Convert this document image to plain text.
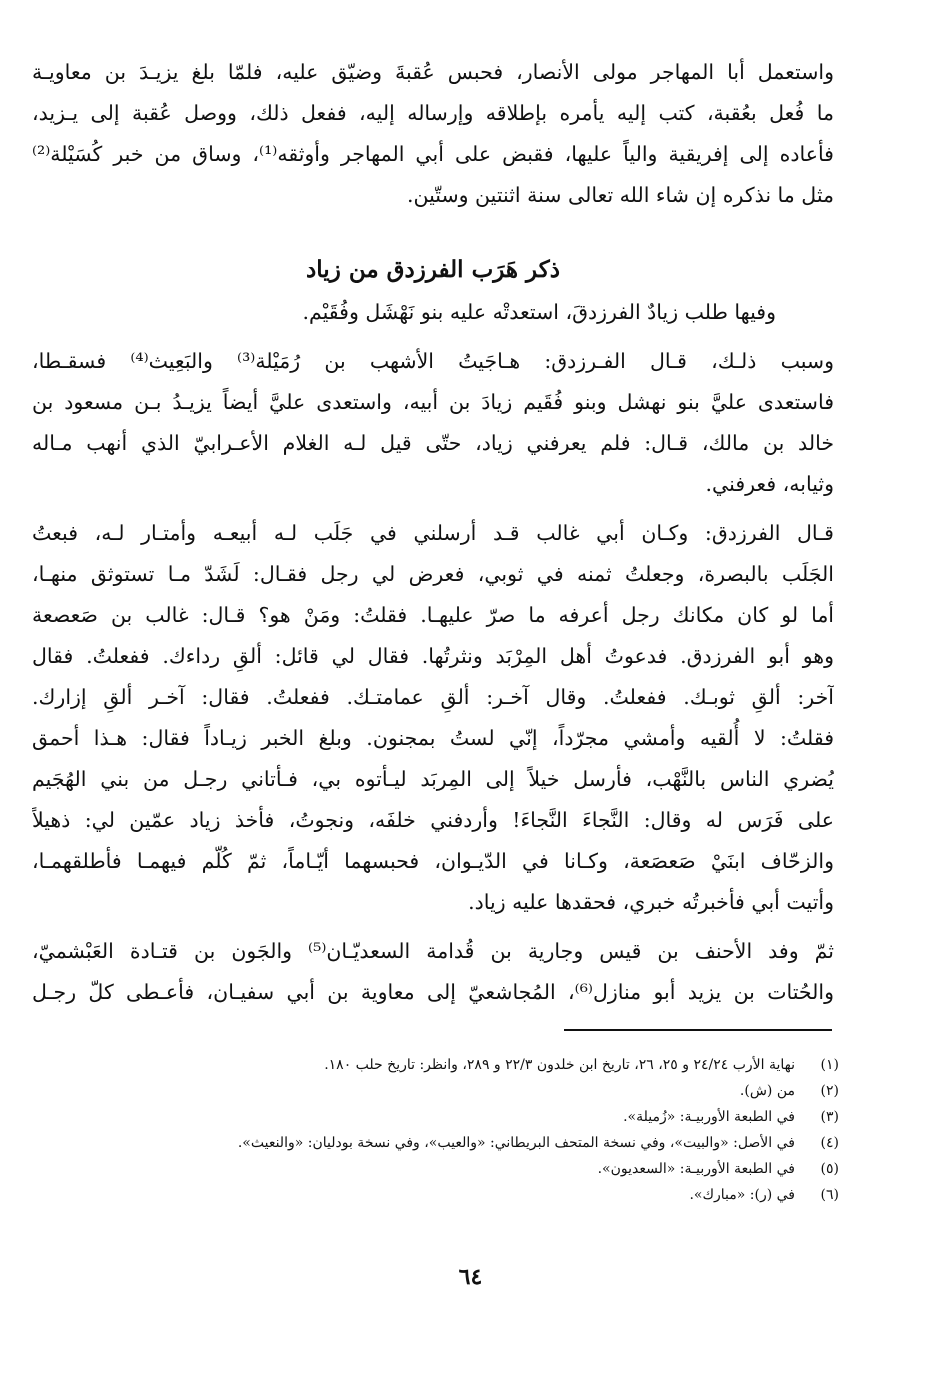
واستعمل أبا المهاجر مولى الأنصار، فحبس عُقبةَ وضيّق عليه، فلمّا بلغ يزيـدَ بن معاويـة
ما فُعل بعُقبة، كتب إليه يأمره بإطلاقه وإرساله إليه، ففعل ذلك، ووصل عُقبة إلى يـزيد،
فأعاده إلى إفريقية والياً عليها، فقبض على أبي المهاجر وأوثقه⁽¹⁾، وساق من خبر كُسَيْلة⁽²⁾
مثل ما نذكره إن شاء الله تعالى سنة اثنتين وستّين.
ذكر هَرَب الفرزدق من زياد
وفيها طلب زيادٌ الفرزدقَ، استعدتْه عليه بنو نَهْشَل وفُقَيْم.
وسبب ذلـك، قـال الفـرزدق: هـاجَيتُ الأشهب بن رُمَيْلة⁽³⁾ والبَعِيث⁽⁴⁾ فسقـطا،
فاستعدى عليَّ بنو نهشل وبنو فُقَيم زيادَ بن أبيه، واستعدى عليَّ أيضاً يزيـدُ بـن مسعود بن
خالد بن مالك، قـال: فلم يعرفني زياد، حتّى قيل لـه الغلام الأعـرابيّ الذي أنهب مـاله
وثيابه، فعرفني.
قـال الفرزدق: وكـان أبي غالب قـد أرسلني في جَلَب لـه أبيعـه وأمتـار لـه، فبعتُ
الجَلَب بالبصرة، وجعلتُ ثمنه في ثوبي، فعرض لي رجل فقـال: لَشَدّ مـا تستوثق منهـا،
أما لو كان مكانك رجل أعرفه ما صرّ عليهـا. فقلتُ: ومَنْ هو؟ قـال: غالب بن صَعصعة
وهو أبو الفرزدق. فدعوتُ أهل المِرْبَد ونثرتُها. فقال لي قائل: ألقِ رداءك. ففعلتُ. فقال
آخر: ألقِ ثوبـك. ففعلتُ. وقال آخـر: ألقِ عمامتـك. ففعلتُ. فقال: آخـر ألقِ إزارك.
فقلتُ: لا أُلقيه وأمشي مجرّداً، إنّي لستُ بمجنون. وبلغ الخبر زيـاداً فقال: هـذا أحمق
يُضري الناس بالنَّهْب، فأرسل خيلاً إلى المِربَد ليـأتوه بي، فـأتاني رجـل من بني الهُجَيم
على فَرَس له وقال: النَّجاءَ النَّجاءَ! وأردفني خلفَه، ونجوتُ، فأخذ زياد عمّين لي: ذهيلاً
والزحّاف ابنَيْ صَعصَعة، وكـانا في الدّيـوان، فحبسهما أيّـاماً، ثمّ كُلّم فيهمـا فأطلقهمـا،
وأتيت أبي فأخبرتُه خبري، فحقدها عليه زياد.
ثمّ وفد الأحنف بن قيس وجارية بن قُدامة السعديّـان⁽⁵⁾ والجَون بن قتـادة العَبْشميّ،
والحُتات بن يزيد أبو منازل⁽⁶⁾، المُجاشعيّ إلى معاوية بن أبي سفيـان، فأعـطى كلّ رجـل
(١)
نهاية الأرب ٢٤/٢٤ و ٢٥، ٢٦، تاريخ ابن خلدون ٢٢/٣ و ٢٨٩، وانظر: تاريخ حلب ١٨٠.
(٢)
من (ش).
(٣)
في الطبعة الأوربيـة: «زُميلة».
(٤)
في الأصل: «والبيت»، وفي نسخة المتحف البريطاني: «والعيب»، وفي نسخة بودليان: «والنعيث».
(٥)
في الطبعة الأوربيـة: «السعديون».
(٦)
في (ر): «مبارك».
٦٤
